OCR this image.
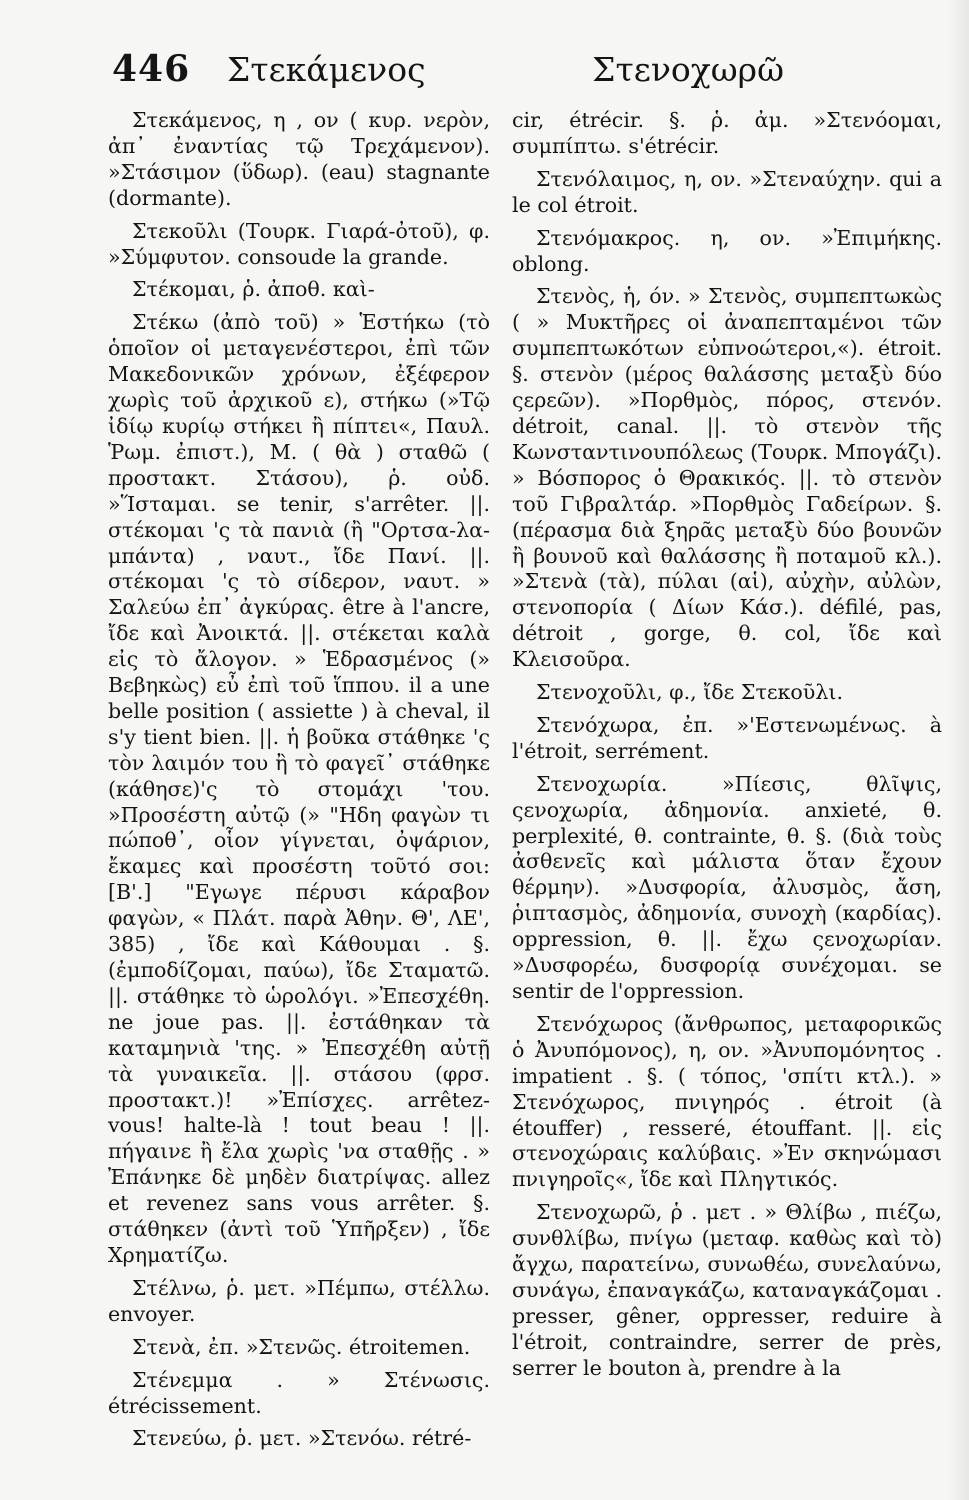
446 Στεκάμενος	Στενοχωρῶ

Στεκάμενος, η , ον ( κυρ. νερὸν, ἀπ᾽ ἐναντίας τῷ Τρεχάμενον). »Στάσιμον (ὕδωρ). (eau) stagnante (dormante).

Στεκοῦλι (Τουρκ. Γιαρά-ὀτοῦ), φ. »Σύμφυτον. consoude la grande.

Στέκομαι, ῥ. ἀποθ. καὶ-

Στέκω (ἀπὸ τοῦ) » Ἑστήκω (τὸ ὁποῖον οἱ μεταγενέστεροι, ἐπὶ τῶν Μακεδονικῶν χρόνων, ἐξέφερον χωρὶς τοῦ ἀρχικοῦ ε), στήκω (»Τῷ ἰδίῳ κυρίῳ στήκει ἢ πίπτει«, Παυλ. Ῥωμ. ἐπιστ.), Μ. ( θὰ ) σταθῶ ( προστακτ. Στάσου), ῥ. οὐδ. »Ἵσταμαι. se tenir, s'arrêter. ||. στέκομαι 'ς τὰ πανιὰ (ἢ "Ορτσα-λα-μπάντα) , ναυτ., ἴδε Πανί. ||. στέκομαι 'ς τὸ σίδερον, ναυτ. » Σαλεύω ἐπ᾽ ἀγκύρας. être à l'ancre, ἴδε καὶ Ἀνοικτά. ||. στέκεται καλὰ εἰς τὸ ἄλογον. » Ἑδρασμένος (» Βεβηκὼς) εὖ ἐπὶ τοῦ ἵππου. il a une belle position ( assiette ) à cheval, il s'y tient bien. ||. ἡ βοῦκα στάθηκε 'ς τὸν λαιμόν του ἢ τὸ φαγεῖ᾽ στάθηκε (κάθησε)'ς τὸ στομάχι 'του. »Προσέστη αὐτῷ (» "Ηδη φαγὼν τι πώποθ᾽, οἷον γίγνεται, ὀψάριον, ἔκαμες καὶ προσέστη τοῦτό σοι: [Β'.] "Εγωγε πέρυσι κάραβον φαγὼν, « Πλάτ. παρὰ Ἀθην. Θ', ΛΕ', 385) , ἴδε καὶ Κάθουμαι . §. (ἐμποδίζομαι, παύω), ἴδε Σταματῶ. ||. στάθηκε τὸ ὡρολόγι. »Ἐπεσχέθη. ne joue pas. ||. ἐστάθηκαν τὰ καταμηνιὰ 'της. » Ἐπεσχέθη αὐτῇ τὰ γυναικεῖα. ||. στάσου (φρσ. προστακτ.)! »Ἐπίσχες. arrêtez-vous! halte-là ! tout beau ! ||. πήγαινε ἢ ἔλα χωρὶς 'να σταθῇς . » Ἐπάνηκε δὲ μηδὲν διατρίψας. allez et revenez sans vous arrêter. §. στάθηκεν (ἀντὶ τοῦ Ὑπῆρξεν) , ἴδε Χρηματίζω.

Στέλνω, ῥ. μετ. »Πέμπω, στέλλω. envoyer.

Στενὰ, ἐπ. »Στενῶς. étroitemen.

Στένεμμα . » Στένωσις. étrécissement.

Στενεύω, ῥ. μετ. »Στενόω. rétré-

cir, étrécir. §. ῥ. ἀμ. »Στενόομαι, συμπίπτω. s'étrécir.

Στενόλαιμος, η, ον. »Στεναύχην. qui a le col étroit.

Στενόμακρος. η, ον. »Ἐπιμήκης. oblong.

Στενὸς, ἡ, όν. » Στενὸς, συμπεπτωκὼς ( » Μυκτῆρες οἱ ἀναπεπταμένοι τῶν συμπεπτωκότων εὐπνοώτεροι,«). étroit. §. στενὸν (μέρος θαλάσσης μεταξὺ δύο ςερεῶν). »Πορθμὸς, πόρος, στενόν. détroit, canal. ||. τὸ στενὸν τῆς Κωνσταντινουπόλεως (Τουρκ. Μπογάζι). » Βόσπορος ὁ Θρακικός. ||. τὸ στενὸν τοῦ Γιβραλτάρ. »Πορθμὸς Γαδείρων. §. (πέρασμα διὰ ξηρᾶς μεταξὺ δύο βουνῶν ἢ βουνοῦ καὶ θαλάσσης ἢ ποταμοῦ κλ.). »Στενὰ (τὰ), πύλαι (αἱ), αὐχὴν, αὐλὼν, στενοπορία ( Δίων Κάσ.). défilé, pas, détroit , gorge, θ. col, ἴδε καὶ Κλεισοῦρα.

Στενοχοῦλι, φ., ἴδε Στεκοῦλι.

Στενόχωρα, ἐπ. »'Εστενωμένως. à l'étroit, serrément.

Στενοχωρία. »Πίεσις, θλῖψις, ςενοχωρία, ἀδημονία. anxieté, θ. perplexité, θ. contrainte, θ. §. (διὰ τοὺς ἀσθενεῖς καὶ μάλιστα ὅταν ἔχουν θέρμην). »Δυσφορία, ἀλυσμὸς, ἄση, ῥιπτασμὸς, ἀδημονία, συνοχὴ (καρδίας). oppression, θ. ||. ἔχω ςενοχωρίαν. »Δυσφορέω, δυσφορίᾳ συνέχομαι. se sentir de l'oppression.

Στενόχωρος (ἄνθρωπος, μεταφορικῶς ὁ Ἀνυπόμονος), η, ον. »Ἀνυπομόνητος . impatient . §. ( τόπος, 'σπίτι κτλ.). » Στενόχωρος, πνιγηρός . étroit (à étouffer) , resseré, étouffant. ||. εἰς στενοχώραις καλύβαις. »Ἐν σκηνώμασι πνιγηροῖς«, ἴδε καὶ Πληγτικός.

Στενοχωρῶ, ῥ . μετ . » Θλίβω , πιέζω, συνθλίβω, πνίγω (μεταφ. καθὼς καὶ τὸ) ἄγχω, παρατείνω, συνωθέω, συνελαύνω, συνάγω, ἐπαναγκάζω, καταναγκάζομαι . presser, gêner, oppresser, reduire à l'étroit, contraindre, serrer de près, serrer le bouton à, prendre à la
